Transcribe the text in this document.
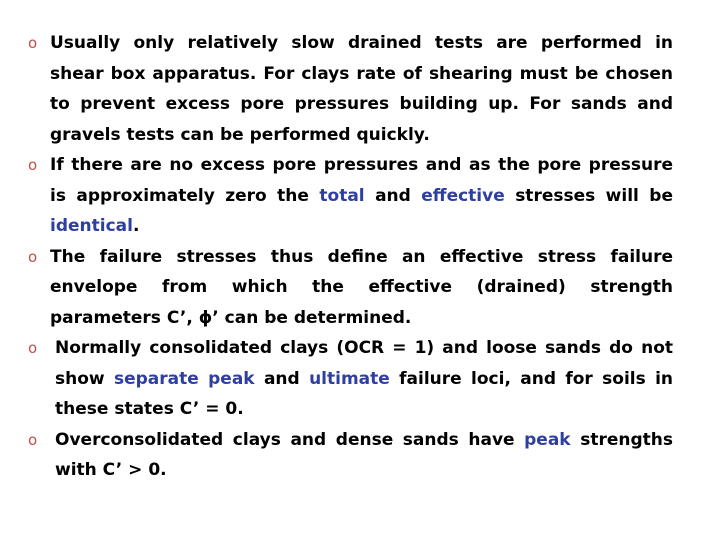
o Usually only relatively slow drained tests are performed in shear box apparatus. For clays rate of shearing must be chosen to prevent excess pore pressures building up. For sands and gravels tests can be performed quickly.
o If there are no excess pore pressures and as the pore pressure is approximately zero the total and effective stresses will be identical.
o The failure stresses thus define an effective stress failure envelope from which the effective (drained) strength parameters C’, ϕ’ can be determined.
o	Normally consolidated clays (OCR = 1) and loose sands do not show separate peak and ultimate failure loci, and for soils in these states C’ = 0.
o	Overconsolidated clays and dense sands have peak strengths with C’ > 0.
